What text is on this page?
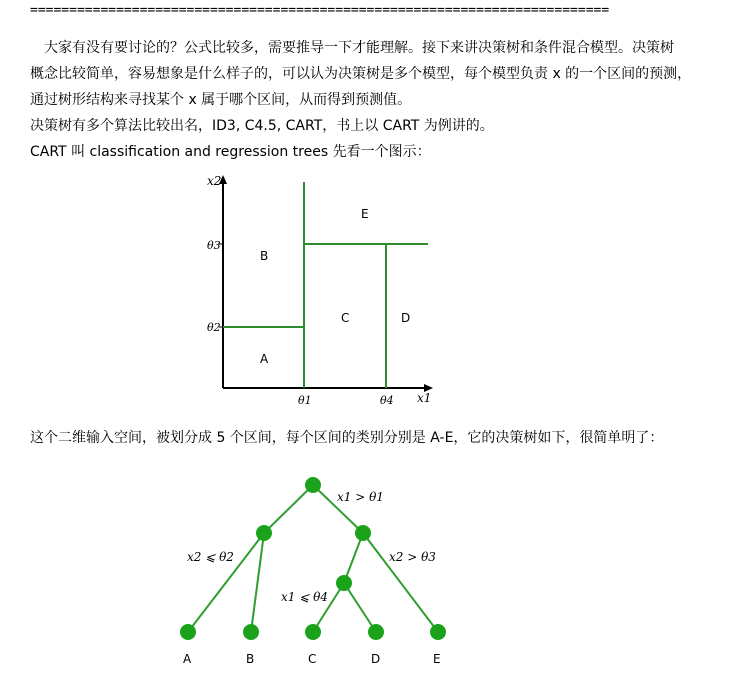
==========================================================================
大家有没有要讨论的？公式比较多，需要推导一下才能理解。接下来讲决策树和条件混合模型。决策树
概念比较简单，容易想象是什么样子的，可以认为决策树是多个模型，每个模型负责 x 的一个区间的预测，
通过树形结构来寻找某个 x 属于哪个区间，从而得到预测值。
决策树有多个算法比较出名，ID3, C4.5, CART，书上以 CART 为例讲的。
CART 叫 classification and regression trees 先看一个图示：
x2
x1
θ3
θ2
θ1	θ4
A
B
C	D
E
这个二维输入空间，被划分成 5 个区间，每个区间的类别分别是 A-E，它的决策树如下，很简单明了：
x1 > θ1
x2 ⩽ θ2	x2 > θ3
x1 ⩽ θ4
A	B	C	D	E
